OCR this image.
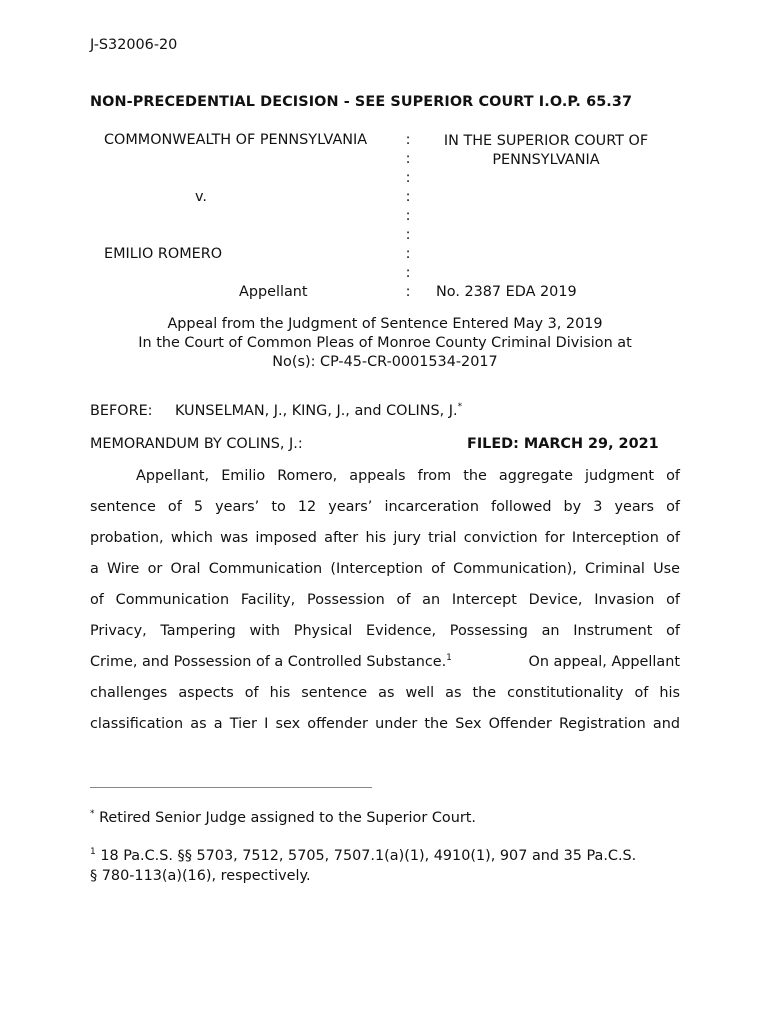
J-S32006-20
NON-PRECEDENTIAL DECISION - SEE SUPERIOR COURT I.O.P. 65.37
COMMONWEALTH OF PENNSYLVANIA
v.
EMILIO ROMERO
Appellant
:
:
:
:
:
:
:
:
:
IN THE SUPERIOR COURT OF
PENNSYLVANIA
No. 2387 EDA 2019
Appeal from the Judgment of Sentence Entered May 3, 2019
In the Court of Common Pleas of Monroe County Criminal Division at
No(s): CP-45-CR-0001534-2017
BEFORE: KUNSELMAN, J., KING, J., and COLINS, J.*
MEMORANDUM BY COLINS, J.:	FILED: MARCH 29, 2021
Appellant, Emilio Romero, appeals from the aggregate judgment of
sentence of 5 years’ to 12 years’ incarceration followed by 3 years of
probation, which was imposed after his jury trial conviction for Interception of
a Wire or Oral Communication (Interception of Communication), Criminal Use
of Communication Facility, Possession of an Intercept Device, Invasion of
Privacy, Tampering with Physical Evidence, Possessing an Instrument of
Crime, and Possession of a Controlled Substance.$^1$	On appeal, Appellant
challenges aspects of his sentence as well as the constitutionality of his
classification as a Tier I sex offender under the Sex Offender Registration and
* Retired Senior Judge assigned to the Superior Court.
$^1$ 18 Pa.C.S. §§ 5703, 7512, 5705, 7507.1(a)(1), 4910(1), 907 and 35 Pa.C.S.
§ 780-113(a)(16), respectively.
